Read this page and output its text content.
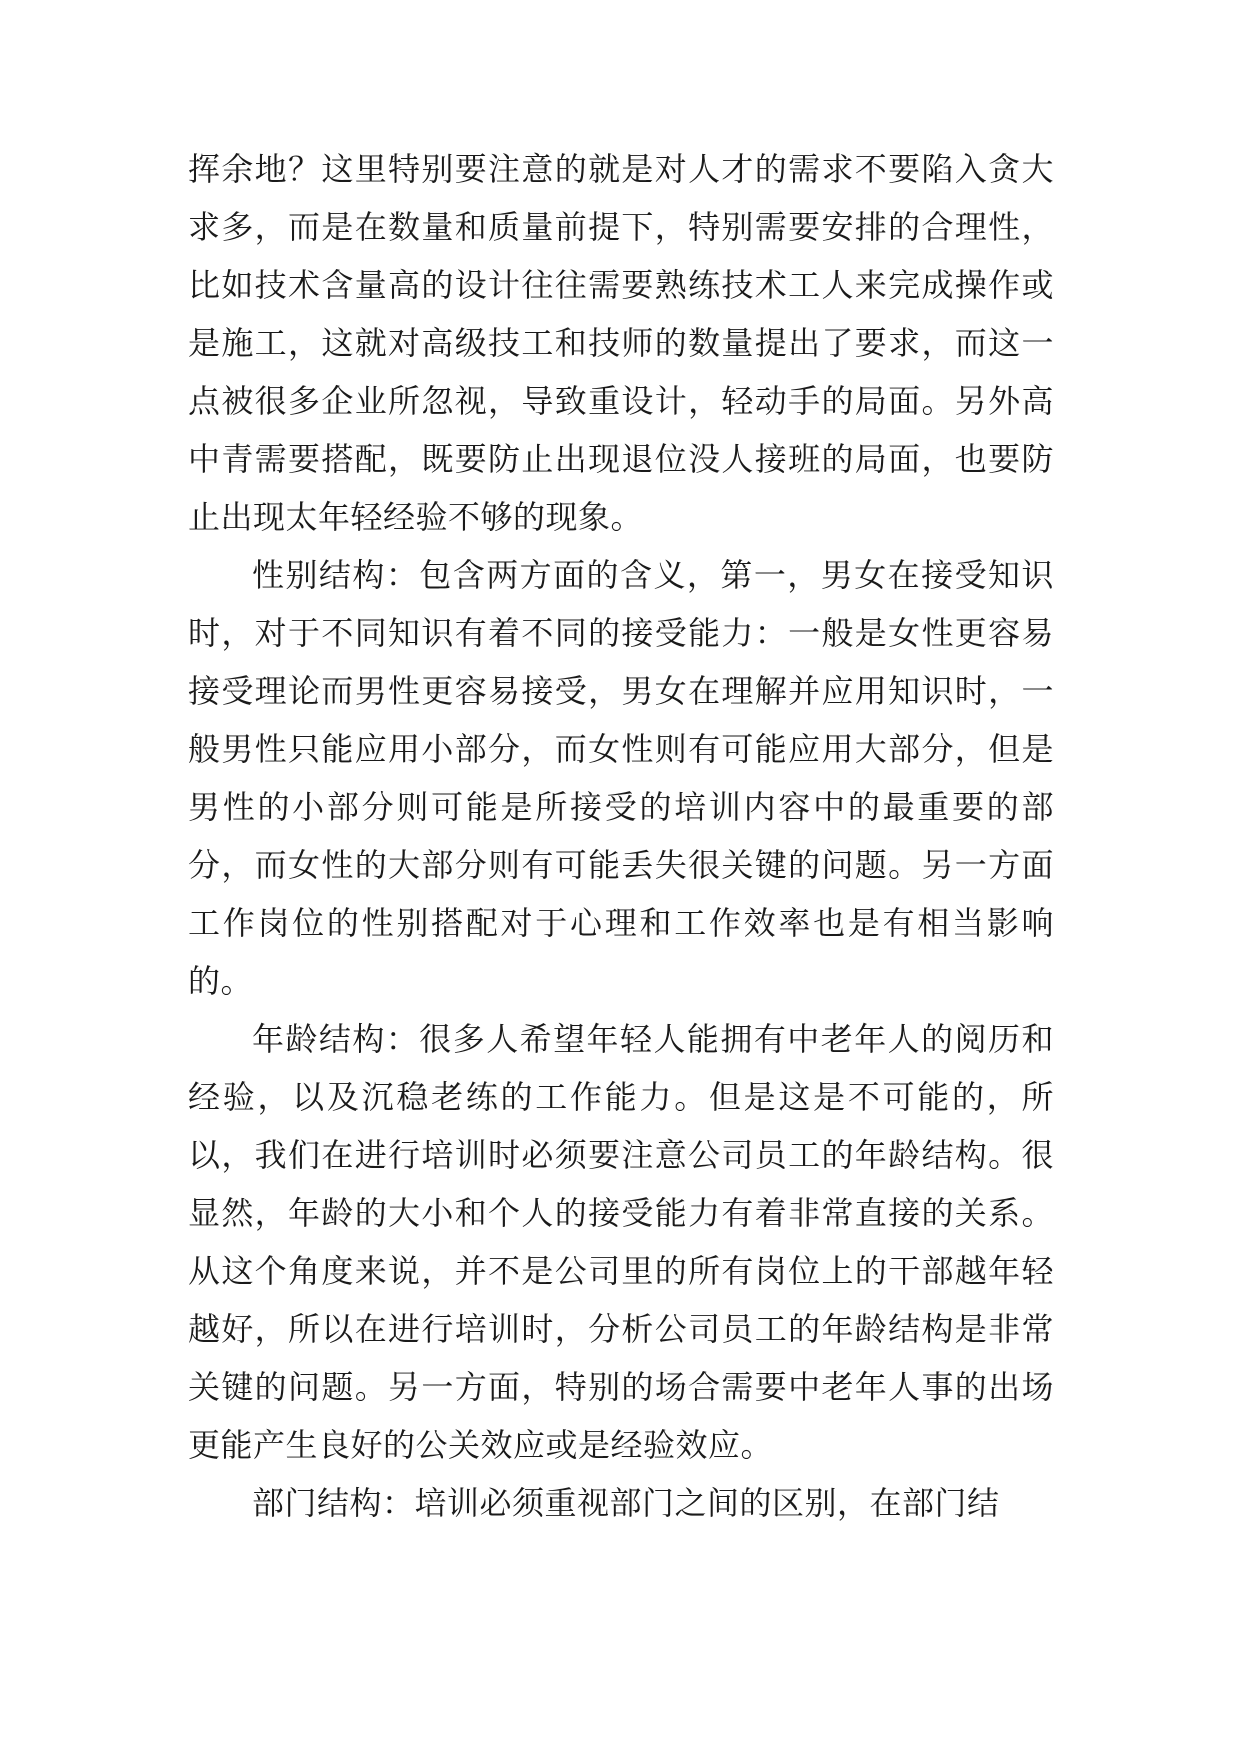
挥余地？这里特别要注意的就是对人才的需求不要陷入贪大求多，而是在数量和质量前提下，特别需要安排的合理性，比如技术含量高的设计往往需要熟练技术工人来完成操作或是施工，这就对高级技工和技师的数量提出了要求，而这一点被很多企业所忽视，导致重设计，轻动手的局面。另外高中青需要搭配，既要防止出现退位没人接班的局面，也要防止出现太年轻经验不够的现象。

性别结构：包含两方面的含义，第一，男女在接受知识时，对于不同知识有着不同的接受能力：一般是女性更容易接受理论而男性更容易接受，男女在理解并应用知识时，一般男性只能应用小部分，而女性则有可能应用大部分，但是男性的小部分则可能是所接受的培训内容中的最重要的部分，而女性的大部分则有可能丢失很关键的问题。另一方面工作岗位的性别搭配对于心理和工作效率也是有相当影响的。

年龄结构：很多人希望年轻人能拥有中老年人的阅历和经验，以及沉稳老练的工作能力。但是这是不可能的，所以，我们在进行培训时必须要注意公司员工的年龄结构。很显然，年龄的大小和个人的接受能力有着非常直接的关系。从这个角度来说，并不是公司里的所有岗位上的干部越年轻越好，所以在进行培训时，分析公司员工的年龄结构是非常关键的问题。另一方面，特别的场合需要中老年人事的出场更能产生良好的公关效应或是经验效应。

部门结构：培训必须重视部门之间的区别，在部门结
